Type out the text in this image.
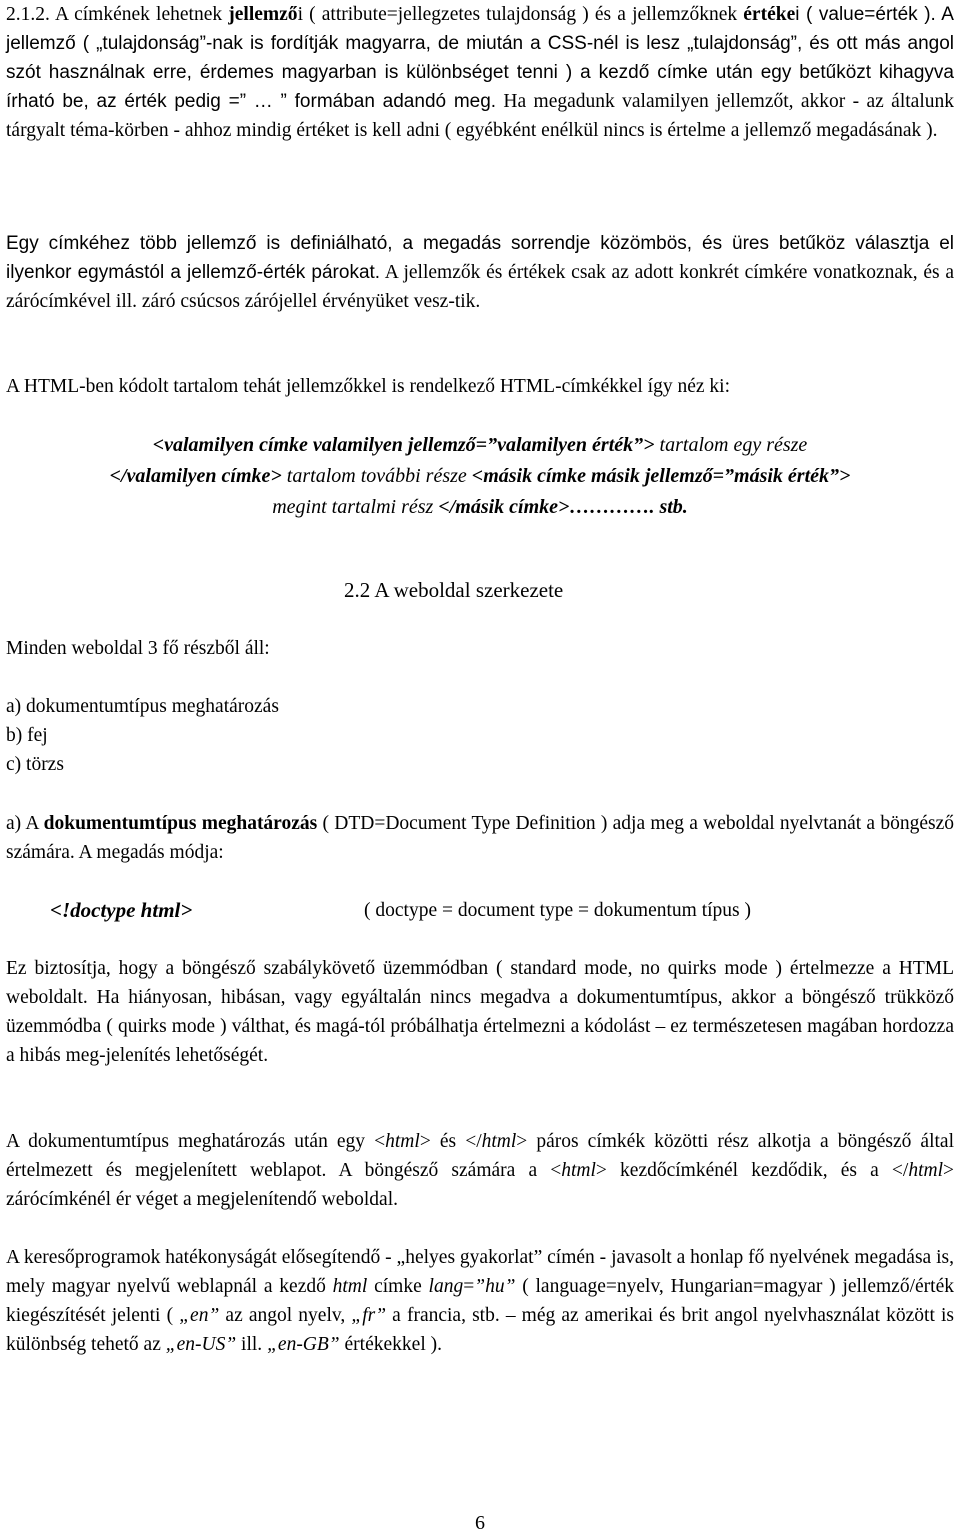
2.1.2. A címkének lehetnek jellemzői ( attribute=jellegzetes tulajdonság ) és a jellemzőknek értékei ( value=érték ). A jellemző ( „tulajdonság”-nak is fordítják magyarra, de miután a CSS-nél is lesz „tulajdonság”, és ott más angol szót használnak erre, érdemes magyarban is különbséget tenni ) a kezdő címke után egy betűközt kihagyva írható be, az érték pedig =” … ” formában adandó meg. Ha megadunk valamilyen jellemzőt, akkor - az általunk tárgyalt téma-körben - ahhoz mindig értéket is kell adni ( egyébként enélkül nincs is értelme a jellemző megadásának ).

Egy címkéhez több jellemző is definiálható, a megadás sorrendje közömbös, és üres betűköz választja el ilyenkor egymástól a jellemző-érték párokat. A jellemzők és értékek csak az adott konkrét címkére vonatkoznak, és a zárócímkével ill. záró csúcsos zárójellel érvényüket vesz-tik.

A HTML-ben kódolt tartalom tehát jellemzőkkel is rendelkező HTML-címkékkel így néz ki:

<valamilyen címke valamilyen jellemző=”valamilyen érték”> tartalom egy része
</valamilyen címke> tartalom további része <másik címke másik jellemző=”másik érték”>
megint tartalmi rész </másik címke>…………. stb.

2.2 A weboldal szerkezete

Minden weboldal 3 fő részből áll:

a) dokumentumtípus meghatározás
b) fej
c) törzs

a) A dokumentumtípus meghatározás ( DTD=Document Type Definition ) adja meg a weboldal nyelvtanát a böngésző számára. A megadás módja:

<!doctype html>	( doctype = document type = dokumentum típus )

Ez biztosítja, hogy a böngésző szabálykövető üzemmódban ( standard mode, no quirks mode ) értelmezze a HTML weboldalt. Ha hiányosan, hibásan, vagy egyáltalán nincs megadva a dokumentumtípus, akkor a böngésző trükköző üzemmódba ( quirks mode ) válthat, és magá-tól próbálhatja értelmezni a kódolást – ez természetesen magában hordozza a hibás meg-jelenítés lehetőségét.

A dokumentumtípus meghatározás után egy <html> és </html> páros címkék közötti rész alkotja a böngésző által értelmezett és megjelenített weblapot. A böngésző számára a <html> kezdőcímkénél kezdődik, és a </html> zárócímkénél ér véget a megjelenítendő weboldal.

A keresőprogramok hatékonyságát elősegítendő - „helyes gyakorlat” címén - javasolt a honlap fő nyelvének megadása is, mely magyar nyelvű weblapnál a kezdő html címke lang=”hu” ( language=nyelv, Hungarian=magyar ) jellemző/érték kiegészítését jelenti ( „en” az angol nyelv, „fr” a francia, stb. – még az amerikai és brit angol nyelvhasználat között is különbség tehető az „en-US” ill. „en-GB” értékekkel ).

6
